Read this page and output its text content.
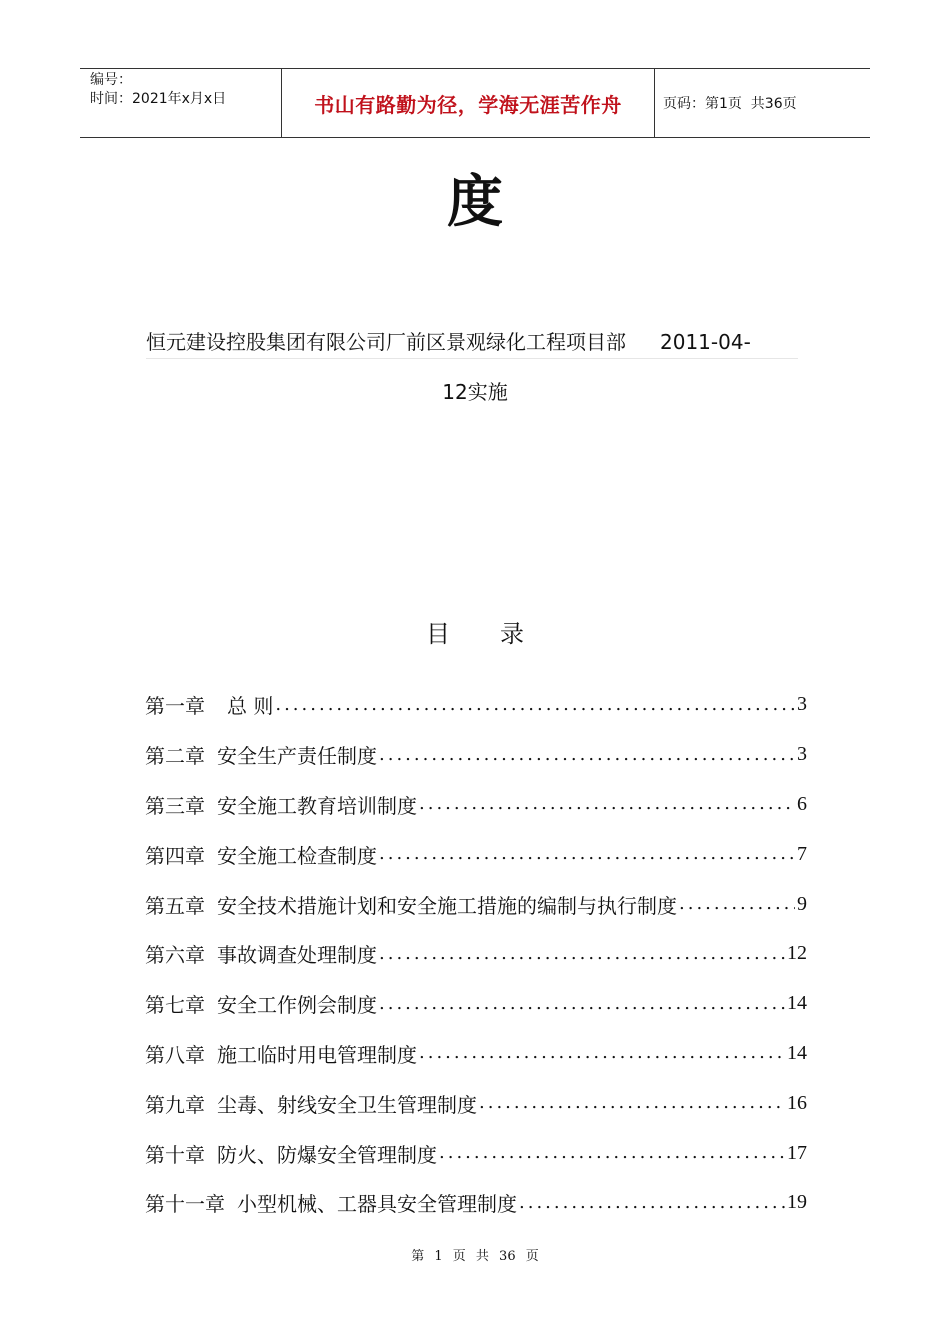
编号：
时间：2021年x月x日	书山有路勤为径，学海无涯苦作舟	页码：第1页  共36页
度
恒元建设控股集团有限公司厂前区景观绿化工程项目部 2011-04-
12实施
目录
第一章 总 则 .....	3
第二章 安全生产责任制度 .....	3
第三章 安全施工教育培训制度 .....	6
第四章 安全施工检查制度 .....	7
第五章 安全技术措施计划和安全施工措施的编制与执行制度 .....	9
第六章 事故调查处理制度 .....	12
第七章 安全工作例会制度 .....	14
第八章 施工临时用电管理制度 .....	14
第九章 尘毒、射线安全卫生管理制度 .....	16
第十章 防火、防爆安全管理制度 .....	17
第十一章 小型机械、工器具安全管理制度 .....	19
第 1 页 共 36 页
